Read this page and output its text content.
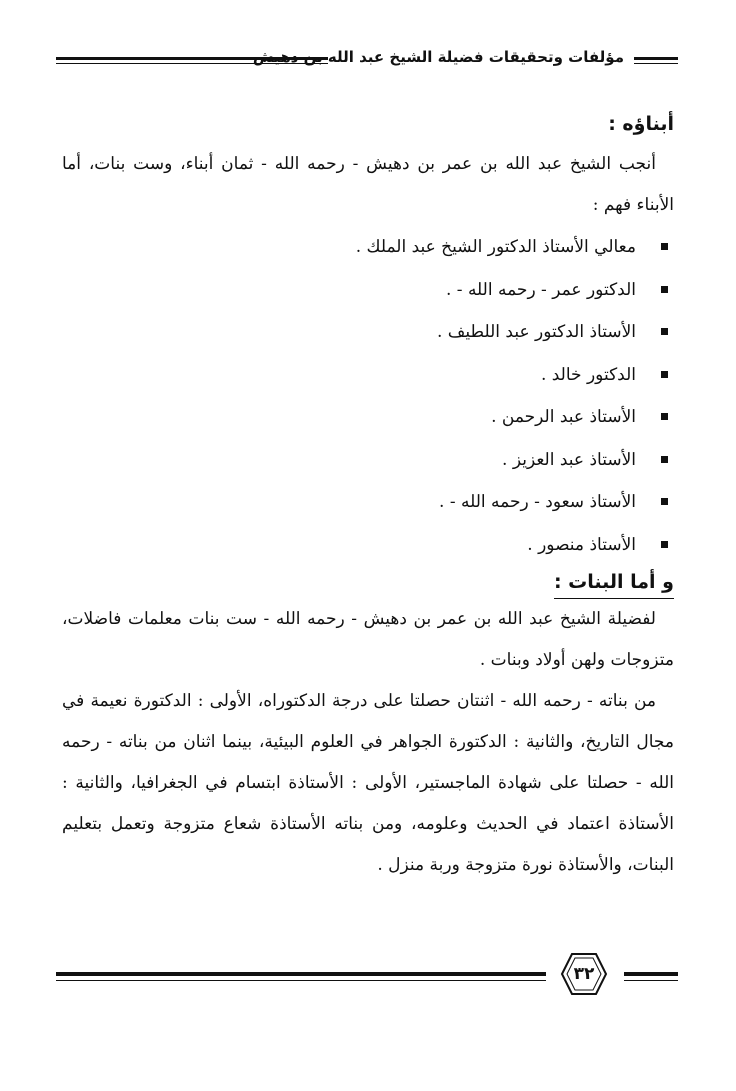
مؤلفات وتحقيقات فضيلة الشيخ عبد الله بن دهيش
أبناؤه :

أنجب الشيخ عبد الله بن عمر بن دهيش - رحمه الله - ثمان أبناء، وست بنات، أما الأبناء فهم :

معالي الأستاذ الدكتور الشيخ عبد الملك .
الدكتور عمر - رحمه الله - .
الأستاذ الدكتور عبد اللطيف .
الدكتور خالد .
الأستاذ عبد الرحمن .
الأستاذ عبد العزيز .
الأستاذ سعود - رحمه الله - .
الأستاذ منصور .
و أما البنات :

لفضيلة الشيخ عبد الله بن عمر بن دهيش - رحمه الله - ست بنات معلمات فاضلات، متزوجات ولهن أولاد وبنات .

من بناته - رحمه الله - اثنتان حصلتا على درجة الدكتوراه، الأولى : الدكتورة نعيمة في مجال التاريخ، والثانية : الدكتورة الجواهر في العلوم البيئية، بينما اثنان من بناته - رحمه الله - حصلتا على شهادة الماجستير، الأولى : الأستاذة ابتسام في الجغرافيا، والثانية : الأستاذة اعتماد في الحديث وعلومه، ومن بناته الأستاذة شعاع متزوجة وتعمل بتعليم البنات، والأستاذة نورة متزوجة وربة منزل .

٣٢
